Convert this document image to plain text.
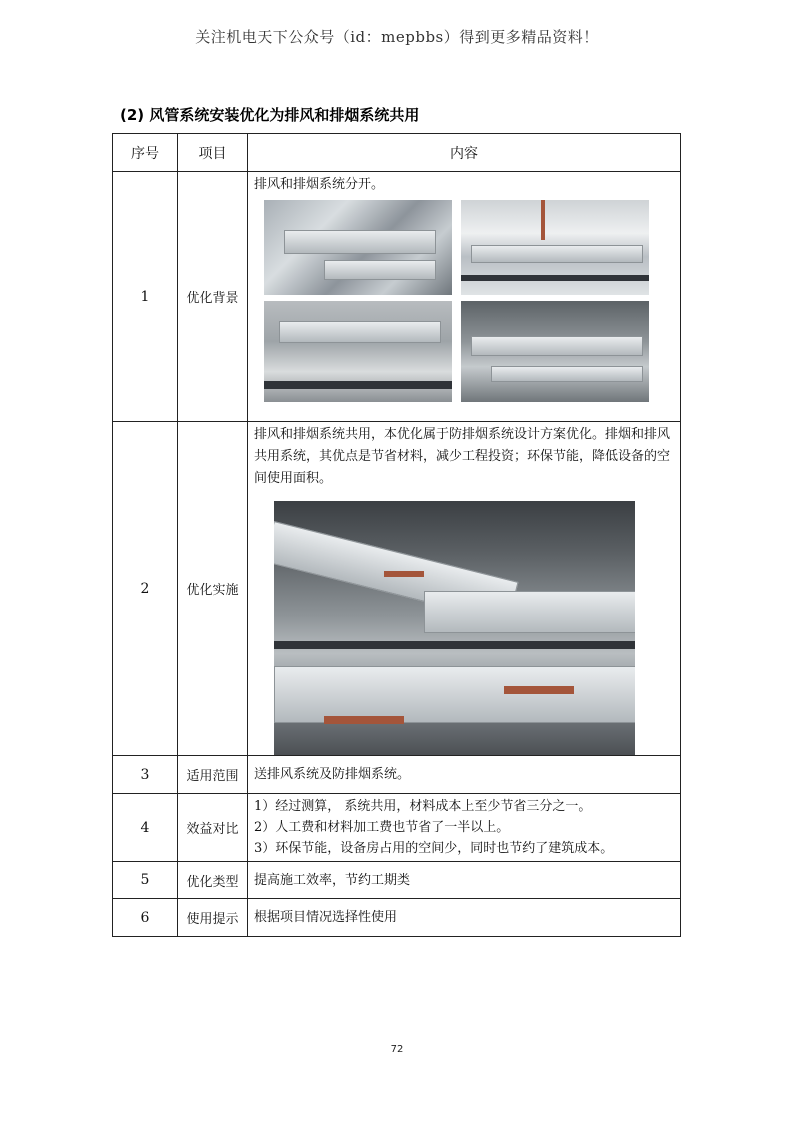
关注机电天下公众号（id：mepbbs）得到更多精品资料！
(2) 风管系统安装优化为排风和排烟系统共用
序号	项目	内容
1	优化背景	排风和排烟系统分开。

2	优化实施	排风和排烟系统共用，本优化属于防排烟系统设计方案优化。排烟和排风共用系统，其优点是节省材料，减少工程投资；环保节能，降低设备的空间使用面积。

3	适用范围	送排风系统及防排烟系统。
4	效益对比	1）经过测算， 系统共用，材料成本上至少节省三分之一。
2）人工费和材料加工费也节省了一半以上。
3）环保节能，设备房占用的空间少，同时也节约了建筑成本。

5	优化类型	提高施工效率，节约工期类
6	使用提示	根据项目情况选择性使用
72
